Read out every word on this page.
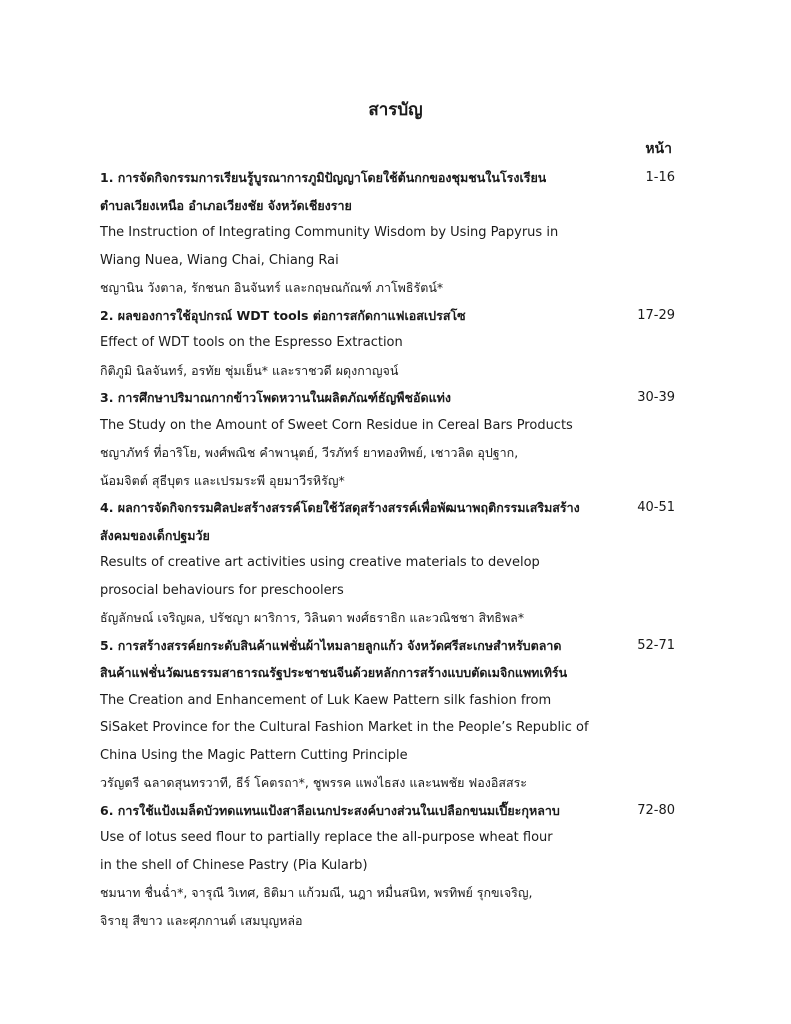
สารบัญ
หน้า
1. การจัดกิจกรรมการเรียนรู้บูรณาการภูมิปัญญาโดยใช้ต้นกกของชุมชนในโรงเรียน	1-16
ตำบลเวียงเหนือ อำเภอเวียงชัย จังหวัดเชียงราย
The Instruction of Integrating Community Wisdom by Using Papyrus in
Wiang Nuea, Wiang Chai, Chiang Rai
ชญานิน วังตาล, รักชนก อินจันทร์ และกฤษณกัณฑ์ ภาโพธิรัตน์*
2. ผลของการใช้อุปกรณ์ WDT tools ต่อการสกัดกาแฟเอสเปรสโซ	17-29
Effect of WDT tools on the Espresso Extraction
กิติภูมิ นิลจันทร์, อรทัย ชุ่มเย็น* และราชวดี ผดุงกาญจน์
3. การศึกษาปริมาณกากข้าวโพดหวานในผลิตภัณฑ์ธัญพืชอัดแท่ง	30-39
The Study on the Amount of Sweet Corn Residue in Cereal Bars Products
ชญาภัทร์ ที่อาริโย, พงศ์พณิช คำพานุตย์, วีรภัทร์ ยาทองทิพย์, เชาวลิต อุปฐาก,
น้อมจิตต์ สุธีบุตร และเปรมระพี อุยมาวีรหิรัญ*
4. ผลการจัดกิจกรรมศิลปะสร้างสรรค์โดยใช้วัสดุสร้างสรรค์เพื่อพัฒนาพฤติกรรมเสริมสร้าง	40-51
สังคมของเด็กปฐมวัย
Results of creative art activities using creative materials to develop
prosocial behaviours for preschoolers
ธัญลักษณ์ เจริญผล, ปรัชญา ผาริการ, วิลินดา พงศ์ธราธิก และวณิชชา สิทธิพล*
5. การสร้างสรรค์ยกระดับสินค้าแฟชั่นผ้าไหมลายลูกแก้ว จังหวัดศรีสะเกษสำหรับตลาด	52-71
สินค้าแฟชั่นวัฒนธรรมสาธารณรัฐประชาชนจีนด้วยหลักการสร้างแบบตัดเมจิกแพทเทิร์น
The Creation and Enhancement of Luk Kaew Pattern silk fashion from
SiSaket Province for the Cultural Fashion Market in the People’s Republic of
China Using the Magic Pattern Cutting Principle
วรัญตรี ฉลาดสุนทรวาที, ธีร์ โคตรถา*, ชูพรรค แพงไธสง และนพชัย ฟองอิสสระ
6. การใช้แป้งเมล็ดบัวทดแทนแป้งสาลีอเนกประสงค์บางส่วนในเปลือกขนมเปี๊ยะกุหลาบ	72-80
Use of lotus seed flour to partially replace the all-purpose wheat flour
in the shell of Chinese Pastry (Pia Kularb)
ชมนาท ชื่นฉ่ำ*, จารุณี วิเทศ, ธิติมา แก้วมณี, นฎา หมื่นสนิท, พรทิพย์ รุกขเจริญ,
จิรายุ สีขาว และศุภกานต์ เสมบุญหล่อ
